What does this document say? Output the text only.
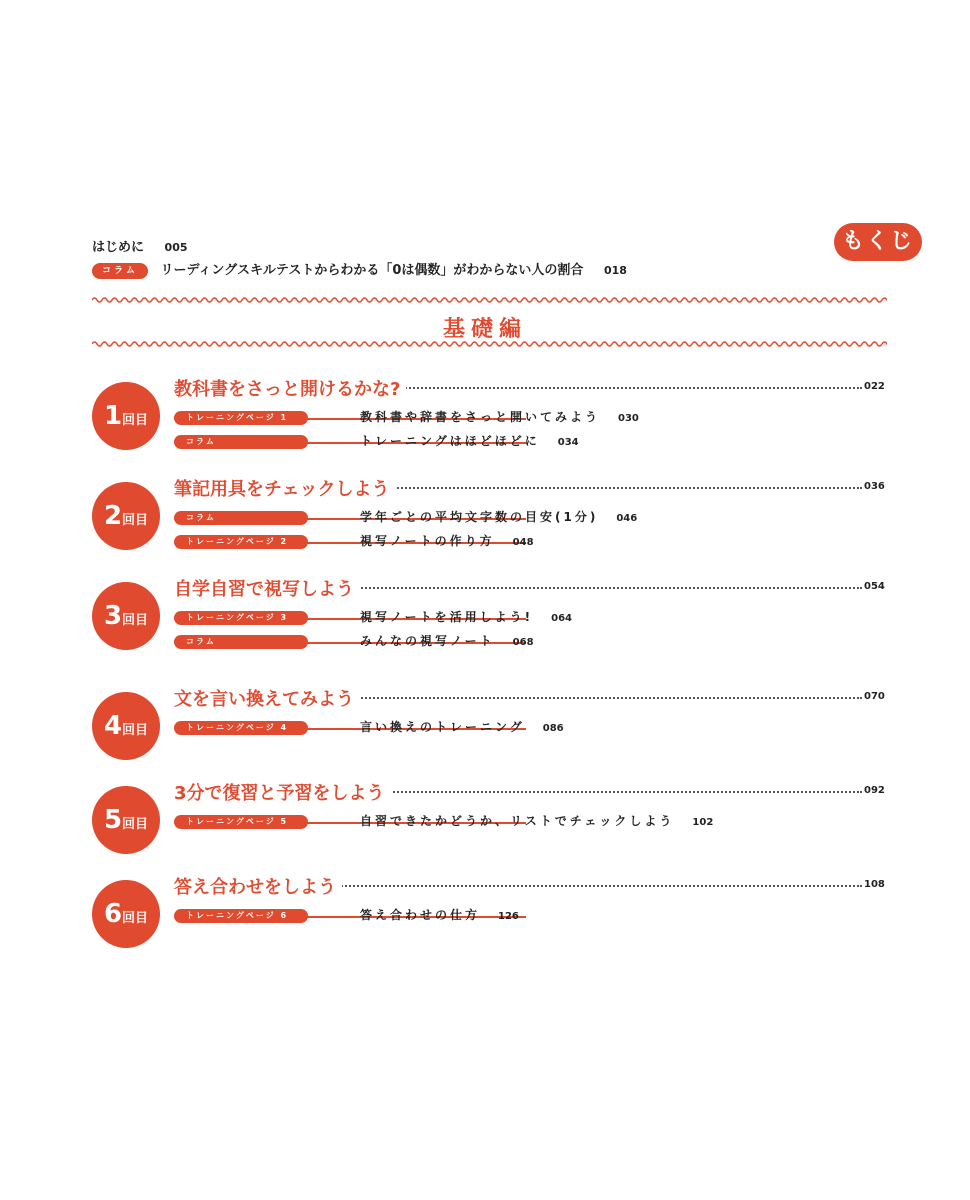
もくじ
はじめに 005
コラム リーディングスキルテストからわかる「0は偶数」がわからない人の割合 018
基礎編
1回目
教科書をさっと開けるかな?	022
トレーニングページ 1	教科書や辞書をさっと開いてみよう 030
コラム	トレーニングはほどほどに 034
2回目
筆記用具をチェックしよう	036
コラム	学年ごとの平均文字数の目安(1分) 046
トレーニングページ 2	視写ノートの作り方 048
3回目
自学自習で視写しよう	054
トレーニングページ 3	視写ノートを活用しよう! 064
コラム	みんなの視写ノート 068
4回目
文を言い換えてみよう	070
トレーニングページ 4	言い換えのトレーニング 086
5回目
3分で復習と予習をしよう	092
トレーニングページ 5	自習できたかどうか、リストでチェックしよう 102
6回目
答え合わせをしよう	108
トレーニングページ 6	答え合わせの仕方 126
